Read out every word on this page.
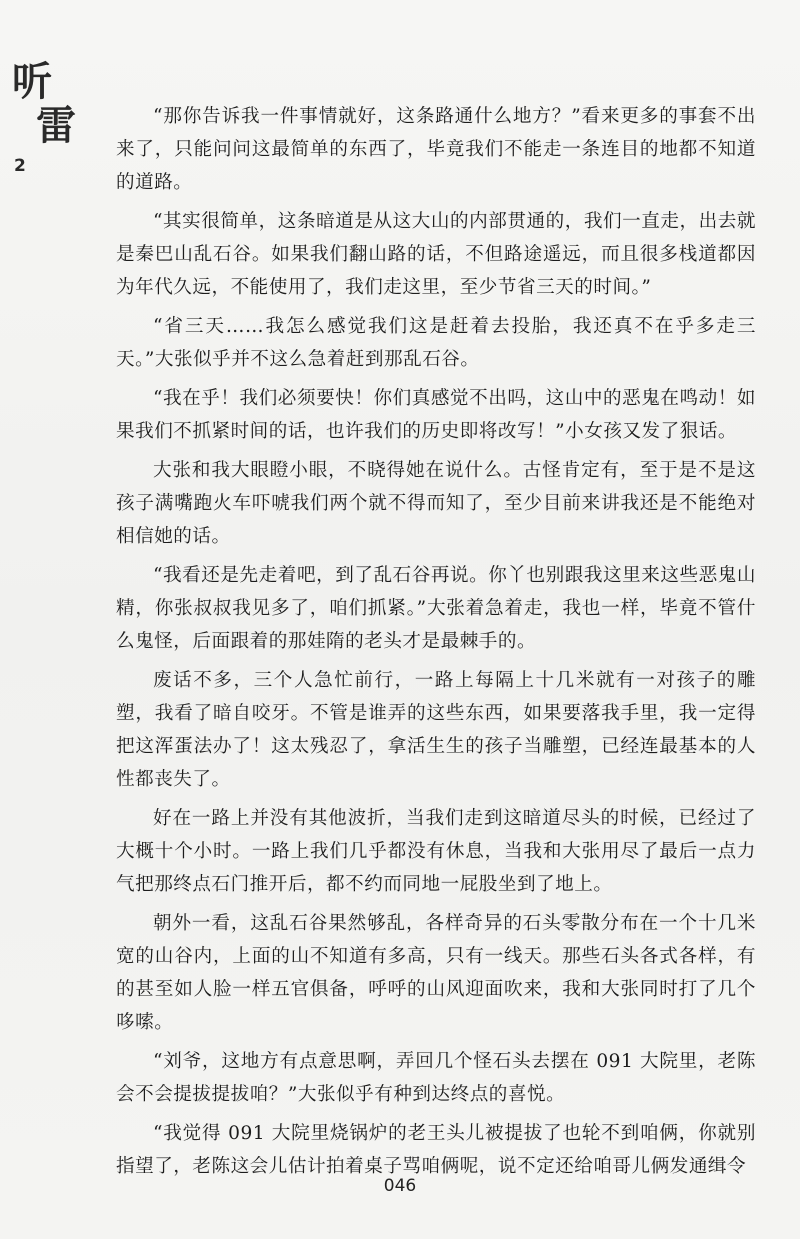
听
雷
2

“那你告诉我一件事情就好，这条路通什么地方？”看来更多的事套不出来了，只能问问这最简单的东西了，毕竟我们不能走一条连目的地都不知道的道路。

“其实很简单，这条暗道是从这大山的内部贯通的，我们一直走，出去就是秦巴山乱石谷。如果我们翻山路的话，不但路途遥远，而且很多栈道都因为年代久远，不能使用了，我们走这里，至少节省三天的时间。”

“省三天……我怎么感觉我们这是赶着去投胎，我还真不在乎多走三天。”大张似乎并不这么急着赶到那乱石谷。

“我在乎！我们必须要快！你们真感觉不出吗，这山中的恶鬼在鸣动！如果我们不抓紧时间的话，也许我们的历史即将改写！”小女孩又发了狠话。

大张和我大眼瞪小眼，不晓得她在说什么。古怪肯定有，至于是不是这孩子满嘴跑火车吓唬我们两个就不得而知了，至少目前来讲我还是不能绝对相信她的话。

“我看还是先走着吧，到了乱石谷再说。你丫也别跟我这里来这些恶鬼山精，你张叔叔我见多了，咱们抓紧。”大张着急着走，我也一样，毕竟不管什么鬼怪，后面跟着的那娃隋的老头才是最棘手的。

废话不多，三个人急忙前行，一路上每隔上十几米就有一对孩子的雕塑，我看了暗自咬牙。不管是谁弄的这些东西，如果要落我手里，我一定得把这浑蛋法办了！这太残忍了，拿活生生的孩子当雕塑，已经连最基本的人性都丧失了。

好在一路上并没有其他波折，当我们走到这暗道尽头的时候，已经过了大概十个小时。一路上我们几乎都没有休息，当我和大张用尽了最后一点力气把那终点石门推开后，都不约而同地一屁股坐到了地上。

朝外一看，这乱石谷果然够乱，各样奇异的石头零散分布在一个十几米宽的山谷内，上面的山不知道有多高，只有一线天。那些石头各式各样，有的甚至如人脸一样五官俱备，呼呼的山风迎面吹来，我和大张同时打了几个哆嗦。

“刘爷，这地方有点意思啊，弄回几个怪石头去摆在 091 大院里，老陈会不会提拔提拔咱？”大张似乎有种到达终点的喜悦。

“我觉得 091 大院里烧锅炉的老王头儿被提拔了也轮不到咱俩，你就别指望了，老陈这会儿估计拍着桌子骂咱俩呢，说不定还给咱哥儿俩发通缉令

046
